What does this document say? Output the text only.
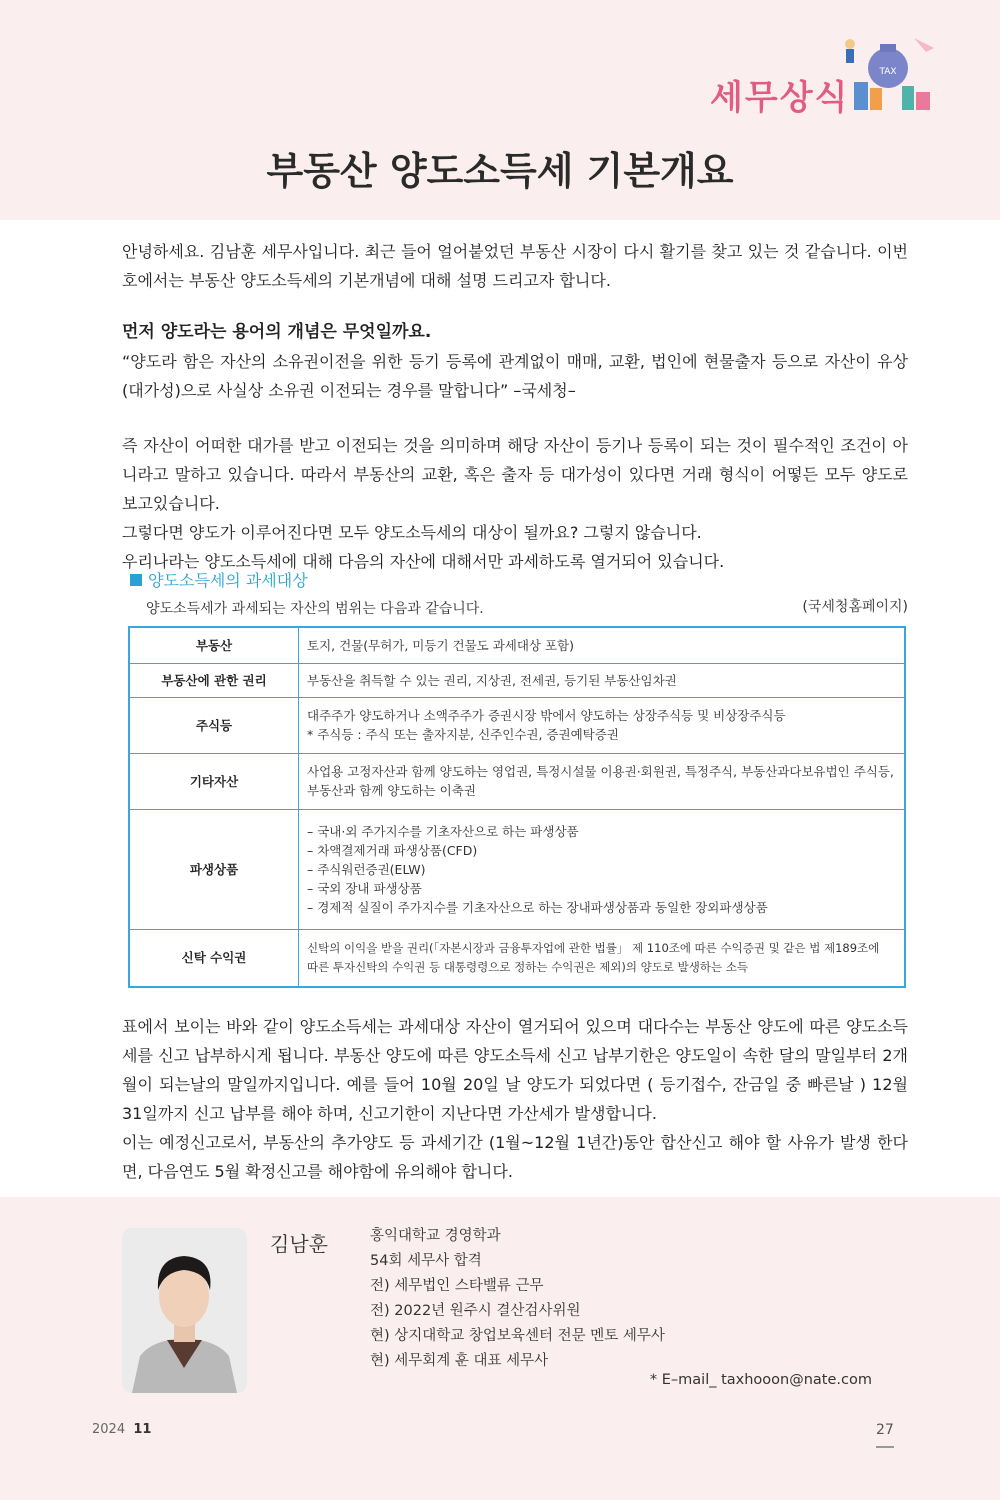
세무상식
TAX
부동산 양도소득세 기본개요

안녕하세요. 김남훈 세무사입니다. 최근 들어 얼어붙었던 부동산 시장이 다시 활기를 찾고 있는 것 같습니다. 이번 호에서는 부동산 양도소득세의 기본개념에 대해 설명 드리고자 합니다.

먼저 양도라는 용어의 개념은 무엇일까요.

“양도라 함은 자산의 소유권이전을 위한 등기 등록에 관계없이 매매, 교환, 법인에 현물출자 등으로 자산이 유상(대가성)으로 사실상 소유권 이전되는 경우를 말합니다” –국세청–

즉 자산이 어떠한 대가를 받고 이전되는 것을 의미하며 해당 자산이 등기나 등록이 되는 것이 필수적인 조건이 아니라고 말하고 있습니다. 따라서 부동산의 교환, 혹은 출자 등 대가성이 있다면 거래 형식이 어떻든 모두 양도로 보고있습니다.

그렇다면 양도가 이루어진다면 모두 양도소득세의 대상이 될까요? 그렇지 않습니다.

우리나라는 양도소득세에 대해 다음의 자산에 대해서만 과세하도록 열거되어 있습니다.

양도소득세의 과세대상
양도소득세가 과세되는 자산의 범위는 다음과 같습니다.	(국세청홈페이지)
부동산	토지, 건물(무허가, 미등기 건물도 과세대상 포함)

부동산에 관한 권리	부동산을 취득할 수 있는 권리, 지상권, 전세권, 등기된 부동산임차권

주식등	대주주가 양도하거나 소액주주가 증권시장 밖에서 양도하는 상장주식등 및 비상장주식등
* 주식등 : 주식 또는 출자지분, 신주인수권, 증권예탁증권

기타자산	사업용 고정자산과 함께 양도하는 영업권, 특정시설물 이용권·회원권, 특정주식, 부동산과다보유법인 주식등,
부동산과 함께 양도하는 이축권

파생상품	– 국내·외 주가지수를 기초자산으로 하는 파생상품
– 차액결제거래 파생상품(CFD)
– 주식워런증권(ELW)
– 국외 장내 파생상품
– 경제적 실질이 주가지수를 기초자산으로 하는 장내파생상품과 동일한 장외파생상품

신탁 수익권	신탁의 이익을 받을 권리(「자본시장과 금융투자업에 관한 법률」 제 110조에 따른 수익증권 및 같은 법 제189조에
따른 투자신탁의 수익권 등 대통령령으로 정하는 수익권은 제외)의 양도로 발생하는 소득

표에서 보이는 바와 같이 양도소득세는 과세대상 자산이 열거되어 있으며 대다수는 부동산 양도에 따른 양도소득세를 신고 납부하시게 됩니다. 부동산 양도에 따른 양도소득세 신고 납부기한은 양도일이 속한 달의 말일부터 2개월이 되는날의 말일까지입니다. 예를 들어 10월 20일 날 양도가 되었다면 ( 등기접수, 잔금일 중 빠른날 ) 12월 31일까지 신고 납부를 해야 하며, 신고기한이 지난다면 가산세가 발생합니다.

이는 예정신고로서, 부동산의 추가양도 등 과세기간 (1월~12월 1년간)동안 합산신고 해야 할 사유가 발생 한다면, 다음연도 5월 확정신고를 해야함에 유의해야 합니다.

김남훈	홍익대학교 경영학과
54회 세무사 합격
전) 세무법인 스타밸류 근무
전) 2022년 원주시 결산검사위원
현) 상지대학교 창업보육센터 전문 멘토 세무사
현) 세무회계 훈 대표 세무사
* E–mail_ taxhooon@nate.com
2024 11	27
